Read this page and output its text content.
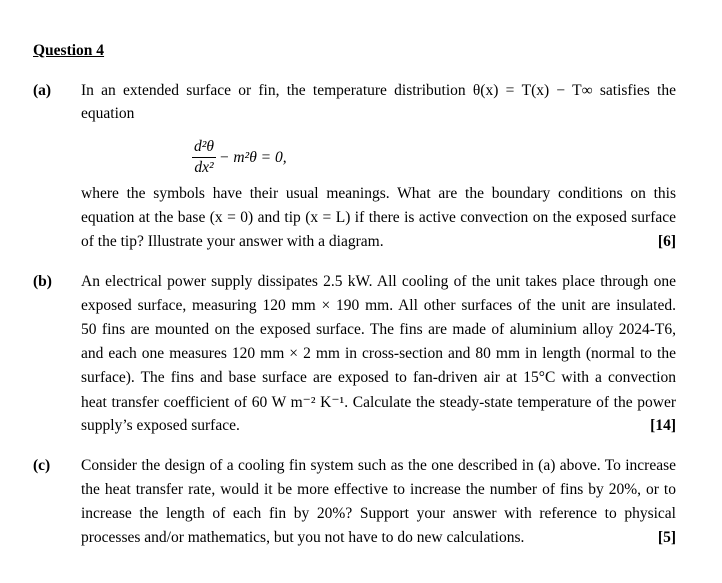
Question 4
(a) In an extended surface or fin, the temperature distribution θ(x) = T(x) − T∞ satisfies the
equation
$\frac{\text{d²θ}}{\text{dx²}} - m^2\theta = 0$,
where the symbols have their usual meanings. What are the boundary conditions on this
equation at the base (x = 0) and tip (x = L) if there is active convection on the exposed surface
of the tip? Illustrate your answer with a diagram.	[6]
(b) An electrical power supply dissipates 2.5 kW. All cooling of the unit takes place through one
exposed surface, measuring 120 mm × 190 mm. All other surfaces of the unit are insulated.
50 fins are mounted on the exposed surface. The fins are made of aluminium alloy 2024-T6,
and each one measures 120 mm × 2 mm in cross-section and 80 mm in length (normal to the
surface). The fins and base surface are exposed to fan-driven air at 15°C with a convection
heat transfer coefficient of 60 W m⁻² K⁻¹. Calculate the steady-state temperature of the power
supply’s exposed surface.	[14]
(c) Consider the design of a cooling fin system such as the one described in (a) above. To increase
the heat transfer rate, would it be more effective to increase the number of fins by 20%, or to
increase the length of each fin by 20%? Support your answer with reference to physical
processes and/or mathematics, but you not have to do new calculations.	[5]
